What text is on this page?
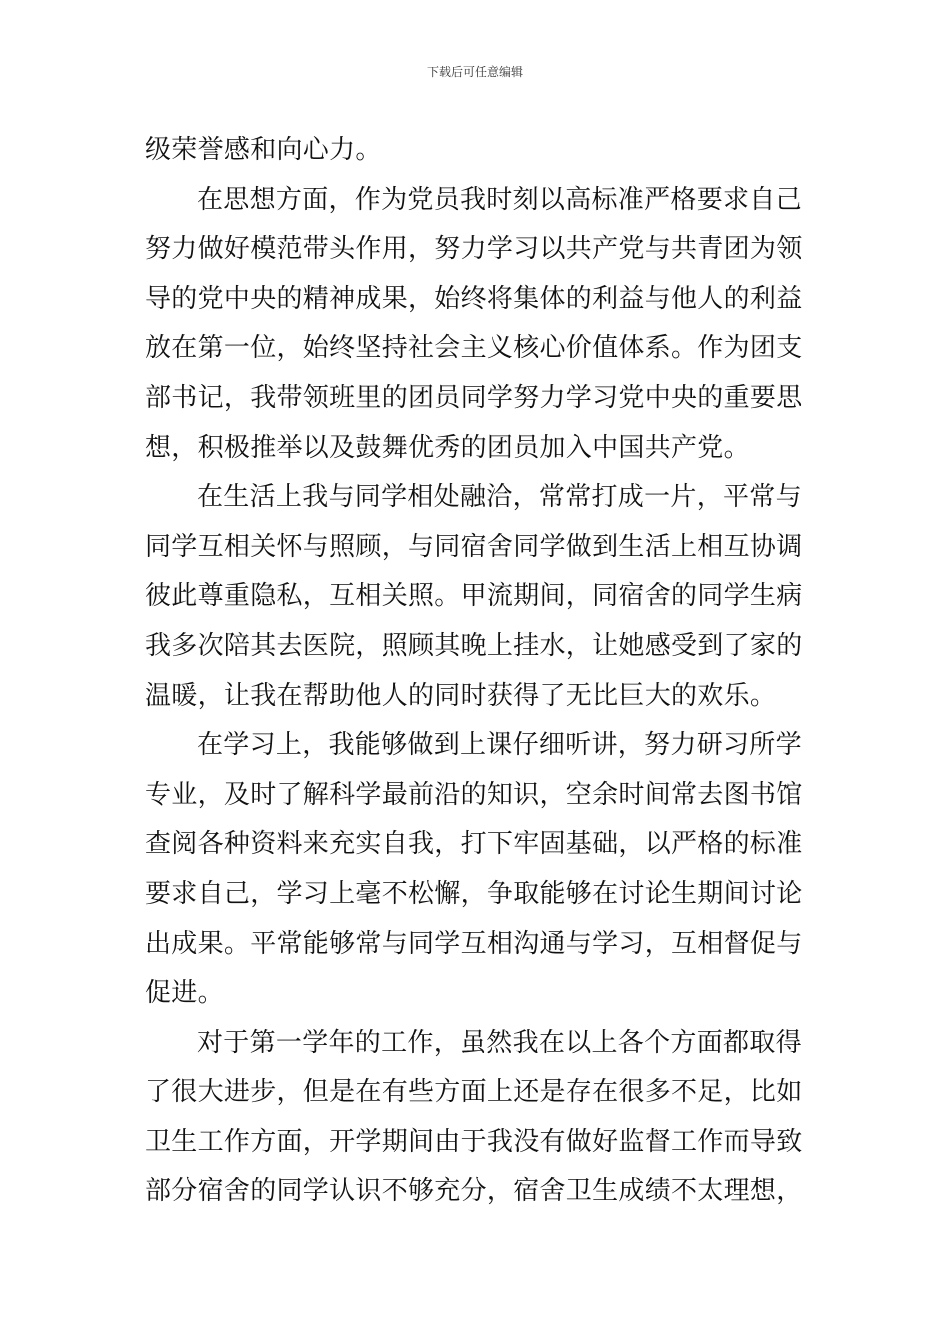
下载后可任意编辑
级荣誉感和向心力。
在思想方面，作为党员我时刻以高标准严格要求自己
努力做好模范带头作用，努力学习以共产党与共青团为领
导的党中央的精神成果，始终将集体的利益与他人的利益
放在第一位，始终坚持社会主义核心价值体系。作为团支
部书记，我带领班里的团员同学努力学习党中央的重要思
想，积极推举以及鼓舞优秀的团员加入中国共产党。
在生活上我与同学相处融洽，常常打成一片，平常与
同学互相关怀与照顾，与同宿舍同学做到生活上相互协调
彼此尊重隐私，互相关照。甲流期间，同宿舍的同学生病
我多次陪其去医院，照顾其晚上挂水，让她感受到了家的
温暖，让我在帮助他人的同时获得了无比巨大的欢乐。
在学习上，我能够做到上课仔细听讲，努力研习所学
专业，及时了解科学最前沿的知识，空余时间常去图书馆
查阅各种资料来充实自我，打下牢固基础，以严格的标准
要求自己，学习上毫不松懈，争取能够在讨论生期间讨论
出成果。平常能够常与同学互相沟通与学习，互相督促与
促进。
对于第一学年的工作，虽然我在以上各个方面都取得
了很大进步，但是在有些方面上还是存在很多不足，比如
卫生工作方面，开学期间由于我没有做好监督工作而导致
部分宿舍的同学认识不够充分，宿舍卫生成绩不太理想，
